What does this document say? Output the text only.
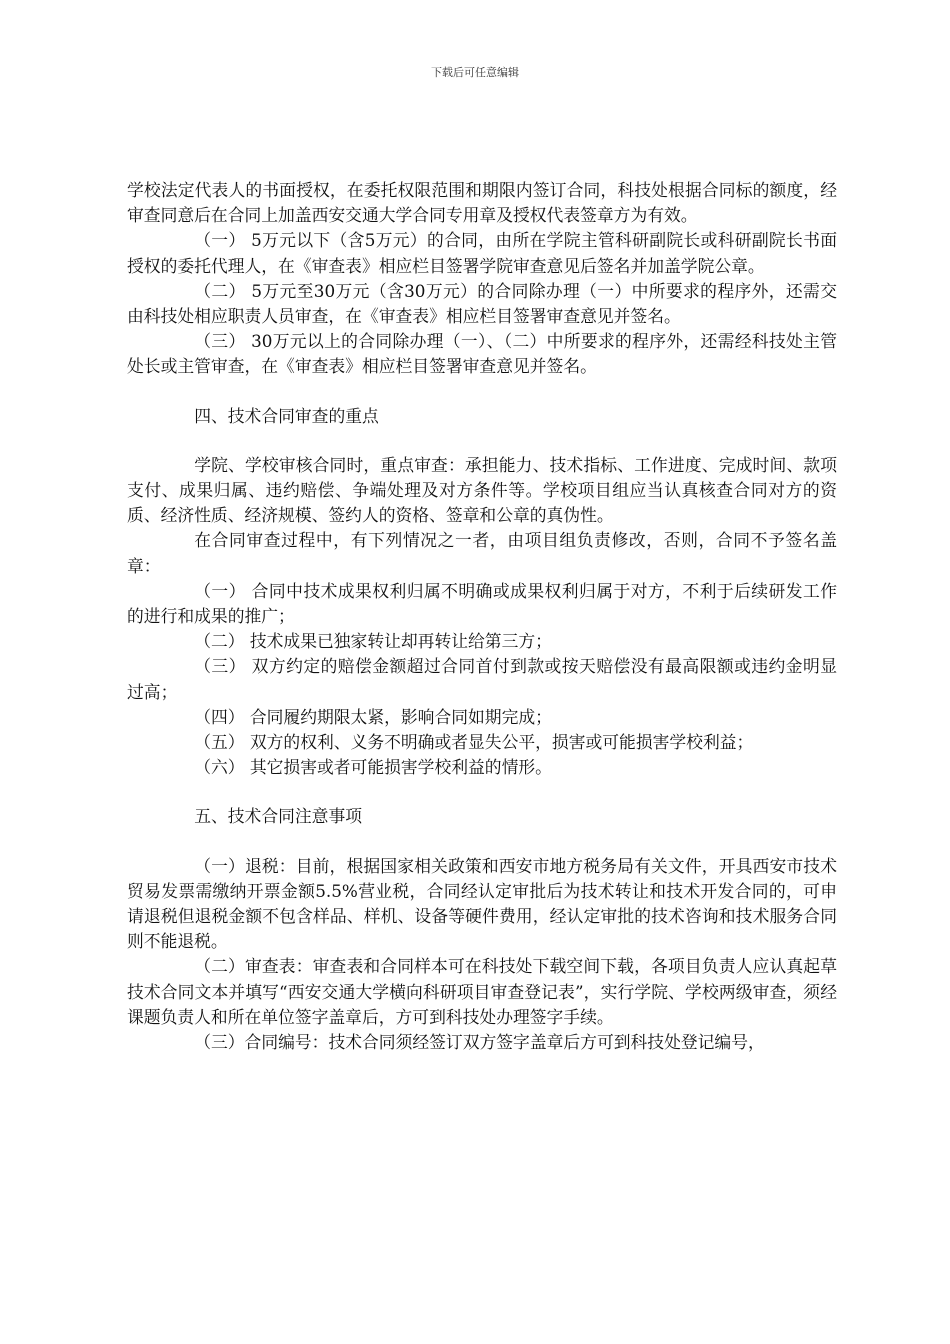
下载后可任意编辑

学校法定代表人的书面授权，在委托权限范围和期限内签订合同，科技处根据合同标的额度，经审查同意后在合同上加盖西安交通大学合同专用章及授权代表签章方为有效。

（一） 5万元以下（含5万元）的合同，由所在学院主管科研副院长或科研副院长书面授权的委托代理人，在《审查表》相应栏目签署学院审查意见后签名并加盖学院公章。

（二） 5万元至30万元（含30万元）的合同除办理（一）中所要求的程序外，还需交由科技处相应职责人员审查，在《审查表》相应栏目签署审查意见并签名。

（三） 30万元以上的合同除办理（一）、（二）中所要求的程序外，还需经科技处主管处长或主管审查，在《审查表》相应栏目签署审查意见并签名。

四、技术合同审查的重点

学院、学校审核合同时，重点审查：承担能力、技术指标、工作进度、完成时间、款项支付、成果归属、违约赔偿、争端处理及对方条件等。学校项目组应当认真核查合同对方的资质、经济性质、经济规模、签约人的资格、签章和公章的真伪性。

在合同审查过程中，有下列情况之一者，由项目组负责修改，否则，合同不予签名盖章：

（一） 合同中技术成果权利归属不明确或成果权利归属于对方，不利于后续研发工作的进行和成果的推广；

（二） 技术成果已独家转让却再转让给第三方；

（三） 双方约定的赔偿金额超过合同首付到款或按天赔偿没有最高限额或违约金明显过高；

（四） 合同履约期限太紧，影响合同如期完成；

（五） 双方的权利、义务不明确或者显失公平，损害或可能损害学校利益；

（六） 其它损害或者可能损害学校利益的情形。

五、技术合同注意事项

（一）退税：目前，根据国家相关政策和西安市地方税务局有关文件，开具西安市技术贸易发票需缴纳开票金额5.5%营业税，合同经认定审批后为技术转让和技术开发合同的，可申请退税但退税金额不包含样品、样机、设备等硬件费用，经认定审批的技术咨询和技术服务合同则不能退税。

（二）审查表：审查表和合同样本可在科技处下载空间下载，各项目负责人应认真起草技术合同文本并填写“西安交通大学横向科研项目审查登记表”，实行学院、学校两级审查，须经课题负责人和所在单位签字盖章后，方可到科技处办理签字手续。

（三）合同编号：技术合同须经签订双方签字盖章后方可到科技处登记编号，
